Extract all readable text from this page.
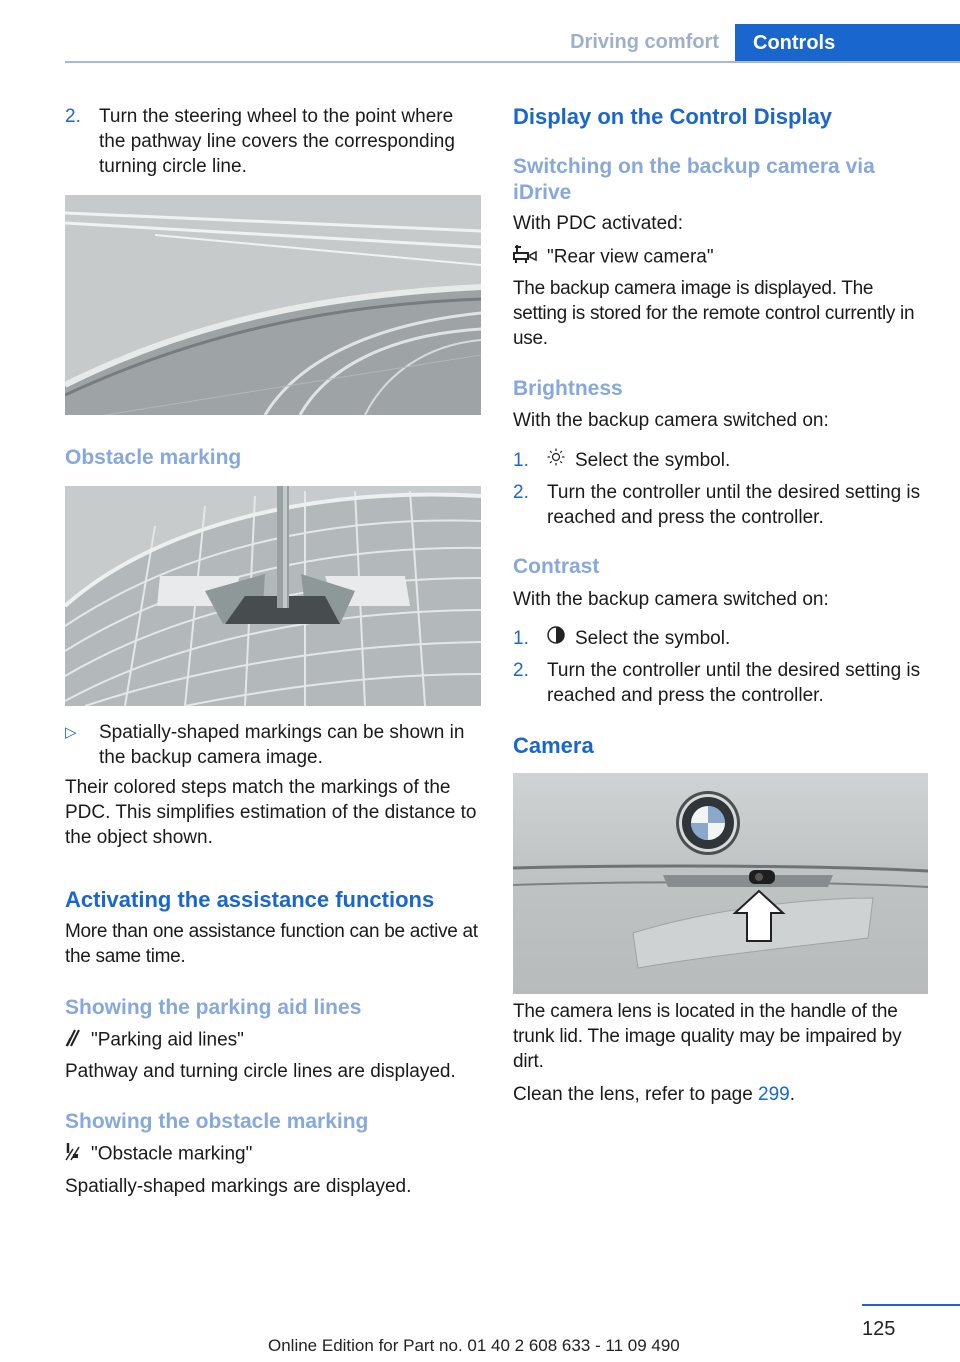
Driving comfort	Controls
2. Turn the steering wheel to the point where the pathway line covers the corresponding turning circle line.
Obstacle marking
▷ Spatially-shaped markings can be shown in the backup camera image.
Their colored steps match the markings of the PDC. This simplifies estimation of the distance to the object shown.
Activating the assistance functions
More than one assistance function can be active at the same time.
Showing the parking aid lines
"Parking aid lines"
Pathway and turning circle lines are displayed.
Showing the obstacle marking
"Obstacle marking"
Spatially-shaped markings are displayed.
Display on the Control Display
Switching on the backup camera via iDrive
With PDC activated:
"Rear view camera"
The backup camera image is displayed. The setting is stored for the remote control currently in use.
Brightness
With the backup camera switched on:
1.	Select the symbol.
2. Turn the controller until the desired setting is reached and press the controller.
Contrast
With the backup camera switched on:
1.	Select the symbol.
2. Turn the controller until the desired setting is reached and press the controller.
Camera
The camera lens is located in the handle of the trunk lid. The image quality may be impaired by dirt.
Clean the lens, refer to page 299.
125
Online Edition for Part no. 01 40 2 608 633 - 11 09 490
